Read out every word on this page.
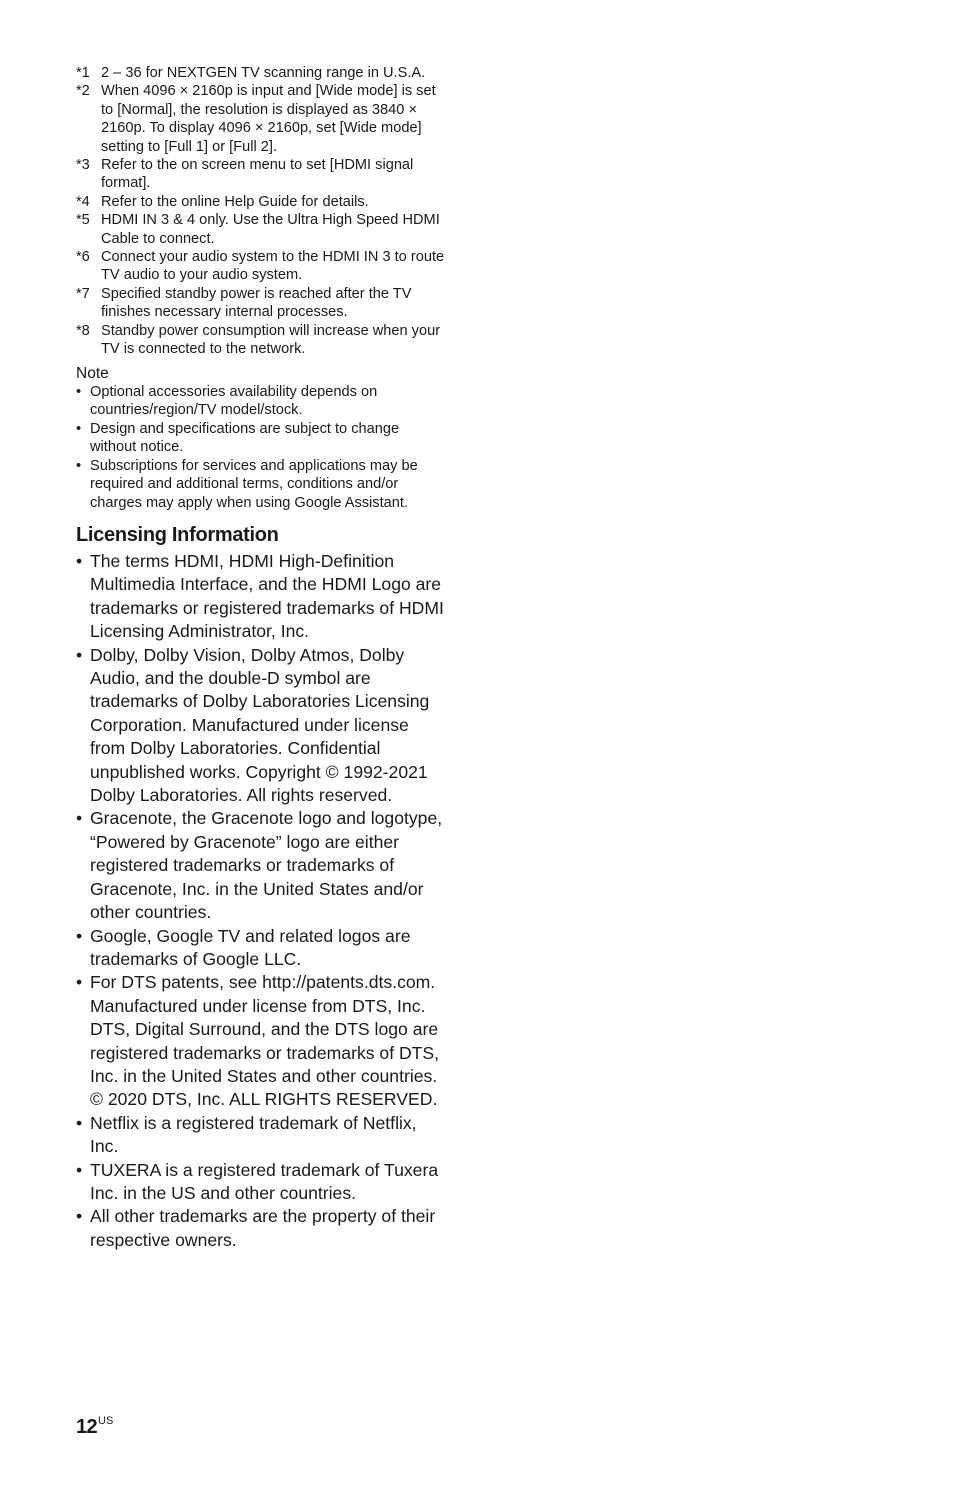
*1 2 – 36 for NEXTGEN TV scanning range in U.S.A.
*2 When 4096 × 2160p is input and [Wide mode] is set to [Normal], the resolution is displayed as 3840 × 2160p. To display 4096 × 2160p, set [Wide mode] setting to [Full 1] or [Full 2].
*3 Refer to the on screen menu to set [HDMI signal format].
*4 Refer to the online Help Guide for details.
*5 HDMI IN 3 & 4 only. Use the Ultra High Speed HDMI Cable to connect.
*6 Connect your audio system to the HDMI IN 3 to route TV audio to your audio system.
*7 Specified standby power is reached after the TV finishes necessary internal processes.
*8 Standby power consumption will increase when your TV is connected to the network.
Note
• Optional accessories availability depends on countries/region/TV model/stock.
• Design and specifications are subject to change without notice.
• Subscriptions for services and applications may be required and additional terms, conditions and/or charges may apply when using Google Assistant.
Licensing Information
• The terms HDMI, HDMI High-Definition Multimedia Interface, and the HDMI Logo are trademarks or registered trademarks of HDMI Licensing Administrator, Inc.
• Dolby, Dolby Vision, Dolby Atmos, Dolby Audio, and the double-D symbol are trademarks of Dolby Laboratories Licensing Corporation. Manufactured under license from Dolby Laboratories. Confidential unpublished works. Copyright © 1992-2021 Dolby Laboratories. All rights reserved.
• Gracenote, the Gracenote logo and logotype, “Powered by Gracenote” logo are either registered trademarks or trademarks of Gracenote, Inc. in the United States and/or other countries.
• Google, Google TV and related logos are trademarks of Google LLC.
• For DTS patents, see http://patents.dts.com. Manufactured under license from DTS, Inc. DTS, Digital Surround, and the DTS logo are registered trademarks or trademarks of DTS, Inc. in the United States and other countries. © 2020 DTS, Inc. ALL RIGHTS RESERVED.
• Netflix is a registered trademark of Netflix, Inc.
• TUXERA is a registered trademark of Tuxera Inc. in the US and other countries.
• All other trademarks are the property of their respective owners.
$12^{US}$
